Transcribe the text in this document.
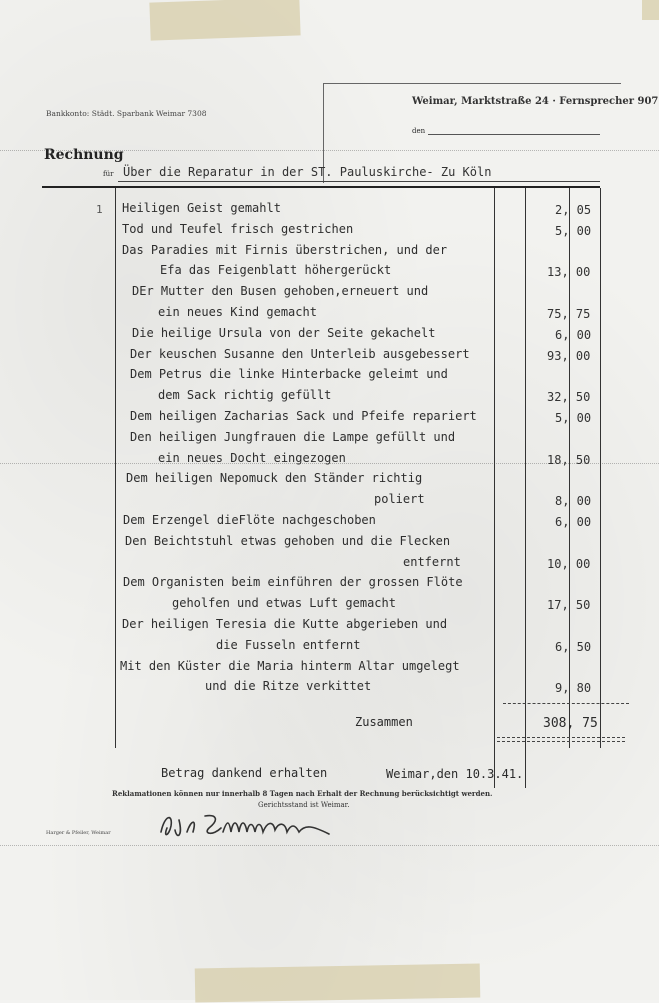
Bankkonto: Städt. Sparbank Weimar 7308
Weimar, Marktstraße 24 · Fernsprecher 907
den
Rechnung
für Über die Reparatur in der ST. Pauluskirche- Zu Köln
1 Heiligen Geist gemahlt	2, 05
Tod und Teufel frisch gestrichen	5, 00
Das Paradies mit Firnis überstrichen, und der
Efa das Feigenblatt höhergerückt	13, 00
DEr Mutter den Busen gehoben,erneuert und
ein neues Kind gemacht	75, 75
Die heilige Ursula von der Seite gekachelt	6, 00
Der keuschen Susanne den Unterleib ausgebessert	93, 00
Dem Petrus die linke Hinterbacke geleimt und
dem Sack richtig gefüllt	32, 50
Dem heiligen Zacharias Sack und Pfeife repariert	5, 00
Den heiligen Jungfrauen die Lampe gefüllt und
ein neues Docht eingezogen	18, 50
Dem heiligen Nepomuck den Ständer richtig
poliert	8, 00
Dem Erzengel dieFlöte nachgeschoben	6, 00
Den Beichtstuhl etwas gehoben und die Flecken
entfernt	10, 00
Dem Organisten beim einführen der grossen Flöte
geholfen und etwas Luft gemacht	17, 50
Der heiligen Teresia die Kutte abgerieben und
die Fusseln entfernt	6, 50
Mit den Küster die Maria hinterm Altar umgelegt
und die Ritze verkittet	9, 80
Zusammen	308, 75
Betrag dankend erhalten	Weimar,den 10.3.41.
Reklamationen können nur innerhalb 8 Tagen nach Erhalt der Rechnung berücksichtigt werden.
Gerichtsstand ist Weimar.
Harger & Pfeiler, Weimar
